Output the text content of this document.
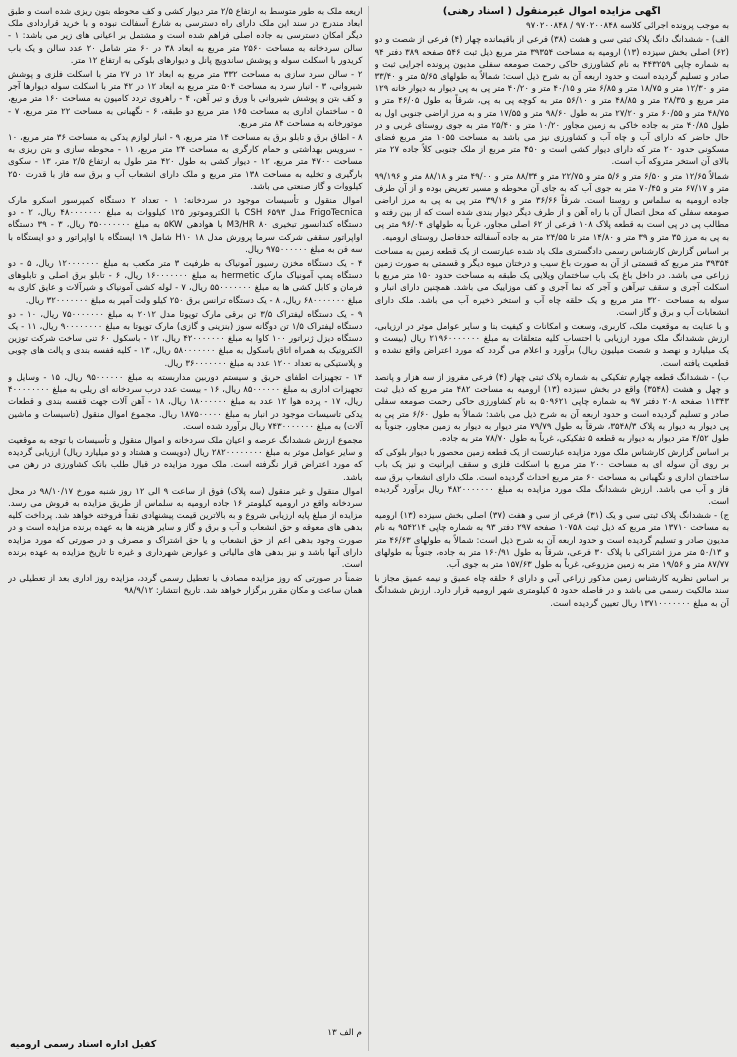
آگهی مزایده اموال غیرمنقول ( اسناد رهنی)

به موجب پرونده اجرائی کلاسه ۹۷۰۲۰۰۸۴۸ / ۹۷۰۲۰۰۸۴۸

الف) - ششدانگ دانگ پلاک ثبتی سی و هشت (۳۸) فرعی از باقیمانده چهار (۴) فرعی از شصت و دو (۶۲) اصلی بخش سیزده (۱۳) ارومیه به مساحت ۳۹۳۵۴ متر مربع ذیل ثبت ۵۴۶ صفحه ۳۸۹ دفتر ۹۴ به شماره چاپی ۴۴۳۲۵۹ به نام کشاورزی حاکی رحمت صومعه سفلی مدیون پرونده اجرایی ثبت و صادر و تسلیم گردیده است و حدود اربعه آن به شرح ذیل است: شمالاً به طولهای ۵/۶۵ متر و ۳۳/۴۰ متر و ۱۲/۳۰ متر و ۱۸/۷۵ متر و ۶/۸۵ متر و ۴۰/۱۵ متر و ۴۰/۲۰ متر پی به پی دیوار به دیوار خانه ۱۲۹ متر مربع و ۲۸/۳۵ متر و ۴۸/۸۵ متر و ۵۶/۱۰ متر به کوچه پی به پی، شرقاً به طول ۴۶/۰۵ متر و ۴۸/۷۵ متر و ۶۰/۵۵ متر و ۲۷/۲۰ متر به طول ۹۸/۶۰ متر و ۱۷/۵۵ متر و به مرز اراضی جنوبی اول به طول ۴۰/۸۵ متر به جاده خاکی به زمین مجاور ۱۰/۲۰ متر و ۲۵/۴۰ متر به جوی روستای غربی و در حال حاضر که دارای آب و چاه آب و کشاورزی نیز می باشد به مساحت ۱۰۵۵ متر مربع فضای مسکونی حدود ۲۰ متر که دارای دیوار کشی است و ۴۵۰ متر مربع از ملک جنوبی کلاً جاده ۲۷ متر بالای آن استخر متروکه آب است.

شمالاً ۱۲/۶۵ متر و ۶/۵۰ متر و ۵/۶ متر و ۲۲/۷۵ متر و ۸۸/۳۴ متر و ۴۹/۰۰ متر و ۸۸/۱۸ متر و ۹۹/۱۹۶ متر و ۶۷/۱۷ متر و ۷۰/۴۵ متر به جوی آب که به جای آن محوطه و مسیر تعریض بوده و از آن طرف جاده ارومیه به سلماس و روستا است. شرقاً ۳۶/۶۶ متر و ۳۹/۱۶ متر پی به پی به مرز اراضی صومعه سفلی که محل اتصال آن با راه آهن و از طرف دیگر دیوار بندی شده است که از بین رفته و مطالب پی در پی است به قطعه پلاک ۱۰۸ فرعی از ۶۲ اصلی مجاور، غرباً به طولهای ۹۶/۰۴ متر پی به پی به مرز ۳۵ متر و ۳۹ متر و ۱۴/۸۰ متر تا ۲۴/۵۵ متر به جاده آسفالته حدفاصل روستای ارومیه.

بر اساس گزارش کارشناس رسمی دادگستری ملک یاد شده عبارتست از یک قطعه زمین به مساحت ۳۹۳۵۴ متر مربع که قسمتی از آن به صورت باغ سیب و درختان میوه دیگر و قسمتی به صورت زمین زراعی می باشد. در داخل باغ یک باب ساختمان ویلایی یک طبقه به مساحت حدود ۱۵۰ متر مربع با اسکلت آجری و سقف تیرآهن و آجر که نما آجری و کف موزاییک می باشد. همچنین دارای انبار و سوله به مساحت ۳۲۰ متر مربع و یک حلقه چاه آب و استخر ذخیره آب می باشد. ملک دارای انشعابات آب و برق و گاز است.

و با عنایت به موقعیت ملک، کاربری، وسعت و امکانات و کیفیت بنا و سایر عوامل موثر در ارزیابی، ارزش ششدانگ ملک مورد ارزیابی با احتساب کلیه متعلقات به مبلغ ۲۱۹۶۰۰۰۰۰۰۰ ریال (بیست و یک میلیارد و نهصد و شصت میلیون ریال) برآورد و اعلام می گردد که مورد اعتراض واقع نشده و قطعیت یافته است.

ب) - ششدانگ قطعه چهارم تفکیکی به شماره پلاک ثبتی چهار (۴) فرعی مفروز از سه هزار و پانصد و چهل و هشت (۳۵۴۸) واقع در بخش سیزده (۱۳) ارومیه به مساحت ۴۸۲ متر مربع که ذیل ثبت ۱۱۳۴۳ صفحه ۲۰۸ دفتر ۹۷ به شماره چاپی ۵۰۹۶۲۱ به نام کشاورزی حاکی رحمت صومعه سفلی صادر و تسلیم گردیده است و حدود اربعه آن به شرح ذیل می باشد: شمالاً به طول ۶/۶۰ متر پی به پی دیوار به دیوار به پلاک ۳۵۴۸/۳، شرقاً به طول ۷۹/۷۹ متر دیوار به دیوار به زمین مجاور، جنوباً به طول ۴/۵۲ متر دیوار به دیوار به قطعه ۵ تفکیکی، غرباً به طول ۷۸/۷۰ متر به جاده.

بر اساس گزارش کارشناس ملک مورد مزایده عبارتست از یک قطعه زمین محصور با دیوار بلوکی که بر روی آن سوله ای به مساحت ۲۰۰ متر مربع با اسکلت فلزی و سقف ایرانیت و نیز یک باب ساختمان اداری و نگهبانی به مساحت ۶۰ متر مربع احداث گردیده است. ملک دارای انشعاب برق سه فاز و آب می باشد. ارزش ششدانگ ملک مورد مزایده به مبلغ ۴۸۲۰۰۰۰۰۰۰ ریال برآورد گردیده است.

ج) - ششدانگ پلاک ثبتی سی و یک (۳۱) فرعی از سی و هفت (۳۷) اصلی بخش سیزده (۱۳) ارومیه به مساحت ۱۳۷۱۰ متر مربع که ذیل ثبت ۱۰۷۵۸ صفحه ۲۹۷ دفتر ۹۳ به شماره چاپی ۹۵۴۲۱۴ به نام مدیون صادر و تسلیم گردیده است و حدود اربعه آن به شرح ذیل است: شمالاً به طولهای ۴۶/۶۳ متر و ۵۰/۱۳ متر مرز اشتراکی با پلاک ۳۰ فرعی، شرقاً به طول ۱۶۰/۹۱ متر به جاده، جنوباً به طولهای ۸۷/۷۷ متر و ۱۹/۵۶ متر به زمین مزروعی، غرباً به طول ۱۵۷/۶۳ متر به جوی آب.

بر اساس نظریه کارشناس زمین مذکور زراعی آبی و دارای ۶ حلقه چاه عمیق و نیمه عمیق مجاز با سند مالکیت رسمی می باشد و در فاصله حدود ۵ کیلومتری شهر ارومیه قرار دارد. ارزش ششدانگ آن به مبلغ ۱۳۷۱۰۰۰۰۰۰۰ ریال تعیین گردیده است.

اریعه ملک به طور متوسط به ارتفاع ۲/۵ متر دیوار کشی و کف محوطه بتون ریزی شده است و طبق ابعاد مندرج در سند این ملک دارای راه دسترسی به شارع آسفالت نبوده و با خرید قراردادی ملک دیگر امکان دسترسی به جاده اصلی فراهم شده است و مشتمل بر اعیانی های زیر می باشد: ۱ - سالن سردخانه به مساحت ۲۵۶۰ متر مربع به ابعاد ۳۸ در ۶۰ متر شامل ۲۰ عدد سالن و یک باب کریدور با اسکلت سوله و پوشش ساندویچ پانل و دیوارهای بلوکی به ارتفاع ۱۲ متر.

۲ - سالن سرد سازی به مساحت ۳۳۲ متر مربع به ابعاد ۱۲ در ۲۷ متر با اسکلت فلزی و پوشش شیروانی، ۳ - انبار سرد به مساحت ۵۰۴ متر مربع به ابعاد ۱۲ در ۴۲ متر با اسکلت سوله دیوارها آجر و کف بتن و پوشش شیروانی با ورق و تیر آهن، ۴ - راهروی تردد کامیون به مساحت ۱۶۰ متر مربع، ۵ - ساختمان اداری به مساحت ۱۶۵ متر مربع دو طبقه، ۶ - نگهبانی به مساحت ۲۲ متر مربع، ۷ - موتورخانه به مساحت ۸۴ متر مربع.

۸ - اطاق برق و تابلو برق به مساحت ۱۴ متر مربع، ۹ - انبار لوازم یدکی به مساحت ۳۶ متر مربع، ۱۰ - سرویس بهداشتی و حمام کارگری به مساحت ۲۴ متر مربع، ۱۱ - محوطه سازی و بتن ریزی به مساحت ۴۷۰۰ متر مربع، ۱۲ - دیوار کشی به طول ۴۲۰ متر طول به ارتفاع ۲/۵ متر، ۱۳ - سکوی بارگیری و تخلیه به مساحت ۱۳۸ متر مربع و ملک دارای انشعاب آب و برق سه فاز با قدرت ۲۵۰ کیلووات و گاز صنعتی می باشد.

اموال منقول و تأسیسات موجود در سردخانه: ۱ - تعداد ۲ دستگاه کمپرسور اسکرو مارک FrigoTecnica مدل CSH ۶۵۹۳ با الکتروموتور ۱۲۵ کیلووات به مبلغ ۴۸۰۰۰۰۰۰۰ ریال، ۲ - دو دستگاه کندانسور تبخیری M3/HR ۸۰ با هوادهی ۵KW به مبلغ ۳۵۰۰۰۰۰۰۰ ریال، ۳ - ۳۹ دستگاه اواپراتور سقفی شرکت سرما پرورش مدل H۱۰ ۱۸ شامل ۱۹ ایستگاه با اواپراتور و دو ایستگاه با سه فن به مبلغ ۹۷۵۰۰۰۰۰۰ ریال.

۴ - یک دستگاه مخزن رسیور آمونیاک به ظرفیت ۳ متر مکعب به مبلغ ۱۲۰۰۰۰۰۰۰ ریال، ۵ - دو دستگاه پمپ آمونیاک مارک hermetic به مبلغ ۱۶۰۰۰۰۰۰۰ ریال، ۶ - تابلو برق اصلی و تابلوهای فرمان و کابل کشی ها به مبلغ ۵۵۰۰۰۰۰۰۰ ریال، ۷ - لوله کشی آمونیاک و شیرآلات و عایق کاری به مبلغ ۶۸۰۰۰۰۰۰۰ ریال، ۸ - یک دستگاه ترانس برق ۲۵۰ کیلو ولت آمپر به مبلغ ۳۲۰۰۰۰۰۰۰ ریال.

۹ - یک دستگاه لیفتراک ۳/۵ تن برقی مارک تویوتا مدل ۲۰۱۲ به مبلغ ۷۵۰۰۰۰۰۰۰ ریال، ۱۰ - دو دستگاه لیفتراک ۱/۵ تن دوگانه سوز (بنزینی و گازی) مارک تویوتا به مبلغ ۹۰۰۰۰۰۰۰۰ ریال، ۱۱ - یک دستگاه دیزل ژنراتور ۱۰۰ کاوا به مبلغ ۴۲۰۰۰۰۰۰۰ ریال، ۱۲ - باسکول ۶۰ تنی ساخت شرکت توزین الکترونیک به همراه اتاق باسکول به مبلغ ۵۸۰۰۰۰۰۰۰ ریال، ۱۳ - کلیه قفسه بندی و پالت های چوبی و پلاستیکی به تعداد ۱۲۰۰ عدد به مبلغ ۳۶۰۰۰۰۰۰۰ ریال.

۱۴ - تجهیزات اطفای حریق و سیستم دوربین مداربسته به مبلغ ۹۵۰۰۰۰۰۰ ریال، ۱۵ - وسایل و تجهیزات اداری به مبلغ ۸۵۰۰۰۰۰۰ ریال، ۱۶ - بیست عدد درب سردخانه ای ریلی به مبلغ ۴۰۰۰۰۰۰۰۰ ریال، ۱۷ - پرده هوا ۱۲ عدد به مبلغ ۱۸۰۰۰۰۰۰ ریال، ۱۸ - آهن آلات جهت قفسه بندی و قطعات یدکی تاسیسات موجود در انبار به مبلغ ۱۸۷۵۰۰۰۰۰ ریال. مجموع اموال منقول (تاسیسات و ماشین آلات) به مبلغ ۷۴۳۰۰۰۰۰۰۰ ریال برآورد شده است.

مجموع ارزش ششدانگ عرصه و اعیان ملک سردخانه و اموال منقول و تأسیسات با توجه به موقعیت و سایر عوامل موثر به مبلغ ۲۸۲۰۰۰۰۰۰۰۰ ریال (دویست و هشتاد و دو میلیارد ریال) ارزیابی گردیده که مورد اعتراض قرار نگرفته است. ملک مورد مزایده در قبال طلب بانک کشاورزی در رهن می باشد.

اموال منقول و غیر منقول (سه پلاک) فوق از ساعت ۹ الی ۱۲ روز شنبه مورخ ۹۸/۱۰/۱۷ در محل سردخانه واقع در ارومیه کیلومتر ۱۶ جاده ارومیه به سلماس از طریق مزایده به فروش می رسد. مزایده از مبلغ پایه ارزیابی شروع و به بالاترین قیمت پیشنهادی نقداً فروخته خواهد شد. پرداخت کلیه بدهی های معوقه و حق انشعاب و آب و برق و گاز و سایر هزینه ها به عهده برنده مزایده است و در صورت وجود بدهی اعم از حق انشعاب و یا حق اشتراک و مصرف و در صورتی که مورد مزایده دارای آنها باشد و نیز بدهی های مالیاتی و عوارض شهرداری و غیره تا تاریخ مزایده به عهده برنده است.

ضمناً در صورتی که روز مزایده مصادف با تعطیل رسمی گردد، مزایده روز اداری بعد از تعطیلی در همان ساعت و مکان مقرر برگزار خواهد شد. تاریخ انتشار: ۹۸/۹/۱۲

م الف ۱۳
کفیل اداره اسناد رسمی ارومیه
